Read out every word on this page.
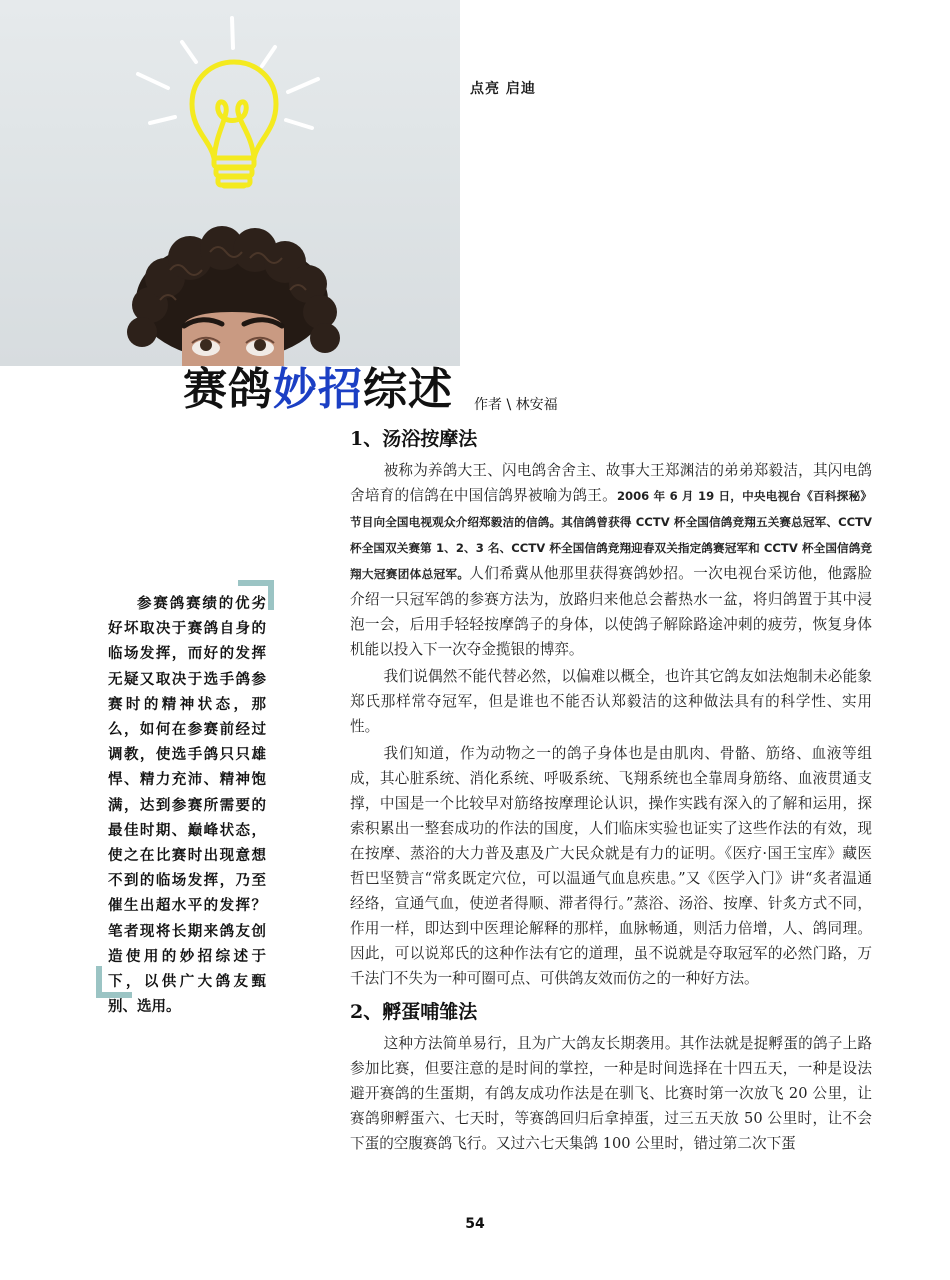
点亮 启迪
赛鸽妙招综述 作者 \ 林安福
参赛鸽赛绩的优劣好坏取决于赛鸽自身的临场发挥，而好的发挥无疑又取决于选手鸽参赛时的精神状态，那么，如何在参赛前经过调教，使选手鸽只只雄悍、精力充沛、精神饱满，达到参赛所需要的最佳时期、巅峰状态，使之在比赛时出现意想不到的临场发挥，乃至催生出超水平的发挥？笔者现将长期来鸽友创造使用的妙招综述于下，以供广大鸽友甄别、选用。
1、汤浴按摩法

被称为养鸽大王、闪电鸽舍舍主、故事大王郑渊洁的弟弟郑毅洁，其闪电鸽舍培育的信鸽在中国信鸽界被喻为鸽王。2006 年 6 月 19 日，中央电视台《百科探秘》节目向全国电视观众介绍郑毅洁的信鸽。其信鸽曾获得 CCTV 杯全国信鸽竞翔五关赛总冠军、CCTV 杯全国双关赛第 1、2、3 名、CCTV 杯全国信鸽竞翔迎春双关指定鸽赛冠军和 CCTV 杯全国信鸽竞翔大冠赛团体总冠军。人们希冀从他那里获得赛鸽妙招。一次电视台采访他，他露脸介绍一只冠军鸽的参赛方法为，放路归来他总会蓄热水一盆，将归鸽置于其中浸泡一会，后用手轻轻按摩鸽子的身体，以使鸽子解除路途冲刺的疲劳，恢复身体机能以投入下一次夺金揽银的博弈。

我们说偶然不能代替必然，以偏难以概全，也许其它鸽友如法炮制未必能象郑氏那样常夺冠军，但是谁也不能否认郑毅洁的这种做法具有的科学性、实用性。

我们知道，作为动物之一的鸽子身体也是由肌肉、骨骼、筋络、血液等组成，其心脏系统、消化系统、呼吸系统、飞翔系统也全靠周身筋络、血液贯通支撑，中国是一个比较早对筋络按摩理论认识，操作实践有深入的了解和运用，探索积累出一整套成功的作法的国度，人们临床实验也证实了这些作法的有效，现在按摩、蒸浴的大力普及惠及广大民众就是有力的证明。《医疗·国王宝库》藏医哲巴坚赞言“常炙既定穴位，可以温通气血息疾患。”又《医学入门》讲“炙者温通经络，宣通气血，使逆者得顺、滞者得行。”蒸浴、汤浴、按摩、针炙方式不同，作用一样，即达到中医理论解释的那样，血脉畅通，则活力倍增，人、鸽同理。因此，可以说郑氏的这种作法有它的道理，虽不说就是夺取冠军的必然门路，万千法门不失为一种可圈可点、可供鸽友效而仿之的一种好方法。

2、孵蛋哺雏法

这种方法简单易行，且为广大鸽友长期袭用。其作法就是捉孵蛋的鸽子上路参加比赛，但要注意的是时间的掌控，一种是时间选择在十四五天，一种是设法避开赛鸽的生蛋期，有鸽友成功作法是在驯飞、比赛时第一次放飞 20 公里，让赛鸽卵孵蛋六、七天时，等赛鸽回归后拿掉蛋，过三五天放 50 公里时，让不会下蛋的空腹赛鸽飞行。又过六七天集鸽 100 公里时，错过第二次下蛋

54
